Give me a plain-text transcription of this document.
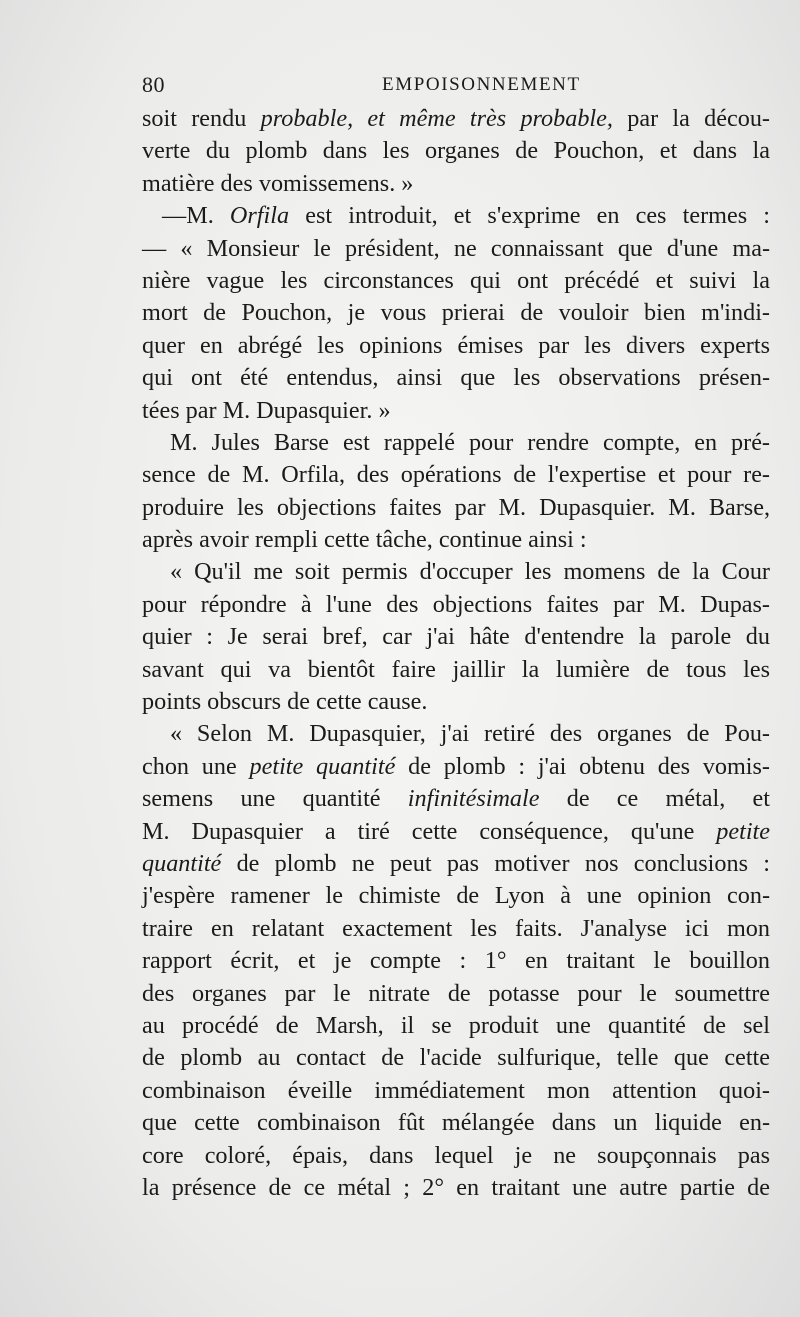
80	EMPOISONNEMENT
soit rendu probable, et même très probable, par la décou-
verte du plomb dans les organes de Pouchon, et dans la
matière des vomissemens. »
—M. Orfila est introduit, et s'exprime en ces termes :
— « Monsieur le président, ne connaissant que d'une ma-
nière vague les circonstances qui ont précédé et suivi la
mort de Pouchon, je vous prierai de vouloir bien m'indi-
quer en abrégé les opinions émises par les divers experts
qui ont été entendus, ainsi que les observations présen-
tées par M. Dupasquier. »
M. Jules Barse est rappelé pour rendre compte, en pré-
sence de M. Orfila, des opérations de l'expertise et pour re-
produire les objections faites par M. Dupasquier. M. Barse,
après avoir rempli cette tâche, continue ainsi :
« Qu'il me soit permis d'occuper les momens de la Cour
pour répondre à l'une des objections faites par M. Dupas-
quier : Je serai bref, car j'ai hâte d'entendre la parole du
savant qui va bientôt faire jaillir la lumière de tous les
points obscurs de cette cause.
« Selon M. Dupasquier, j'ai retiré des organes de Pou-
chon une petite quantité de plomb : j'ai obtenu des vomis-
semens une quantité infinitésimale de ce métal, et
M. Dupasquier a tiré cette conséquence, qu'une petite
quantité de plomb ne peut pas motiver nos conclusions :
j'espère ramener le chimiste de Lyon à une opinion con-
traire en relatant exactement les faits. J'analyse ici mon
rapport écrit, et je compte : 1° en traitant le bouillon
des organes par le nitrate de potasse pour le soumettre
au procédé de Marsh, il se produit une quantité de sel
de plomb au contact de l'acide sulfurique, telle que cette
combinaison éveille immédiatement mon attention quoi-
que cette combinaison fût mélangée dans un liquide en-
core coloré, épais, dans lequel je ne soupçonnais pas
la présence de ce métal ; 2° en traitant une autre partie de
